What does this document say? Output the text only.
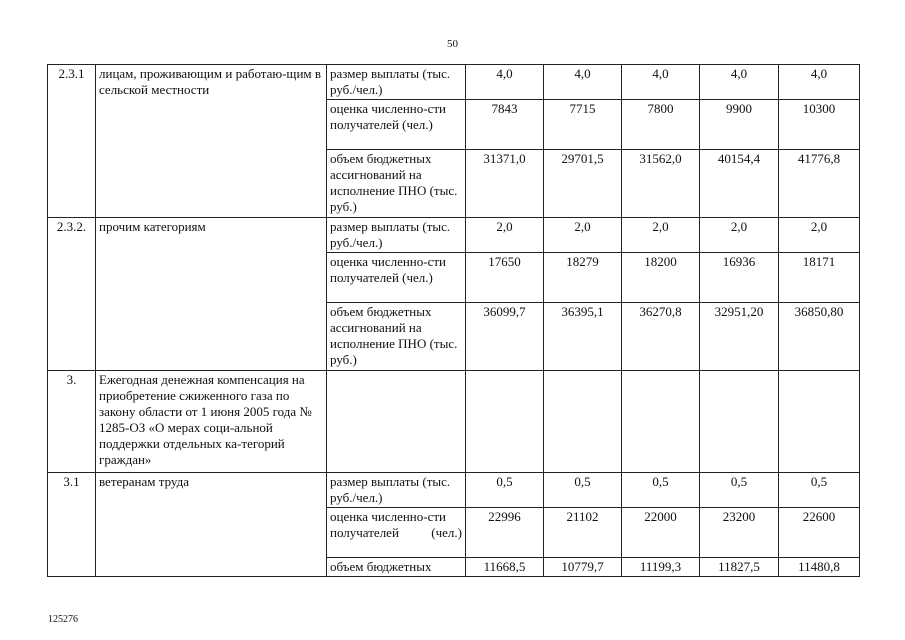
50
2.3.1	лицам, проживающим и работаю-щим в сельской местности	размер выплаты (тыс. руб./чел.)	4,0	4,0	4,0	4,0	4,0
		оценка численно-сти получателей (чел.)	7843	7715	7800	9900	10300
		объем бюджетных ассигнований на исполнение ПНО (тыс. руб.)	31371,0	29701,5	31562,0	40154,4	41776,8
2.3.2.	прочим категориям	размер выплаты (тыс. руб./чел.)	2,0	2,0	2,0	2,0	2,0
		оценка численно-сти получателей (чел.)	17650	18279	18200	16936	18171
		объем бюджетных ассигнований на исполнение ПНО (тыс. руб.)	36099,7	36395,1	36270,8	32951,20	36850,80
3.	Ежегодная денежная компенсация на приобретение сжиженного газа по закону области от 1 июня 2005 года № 1285-ОЗ «О мерах соци-альной поддержки отдельных ка-тегорий граждан»						
3.1	ветеранам труда	размер выплаты (тыс. руб./чел.)	0,5	0,5	0,5	0,5	0,5
		оценка численно-сти получателей (чел.)	22996	21102	22000	23200	22600
		объем бюджетных	11668,5	10779,7	11199,3	11827,5	11480,8
125276
